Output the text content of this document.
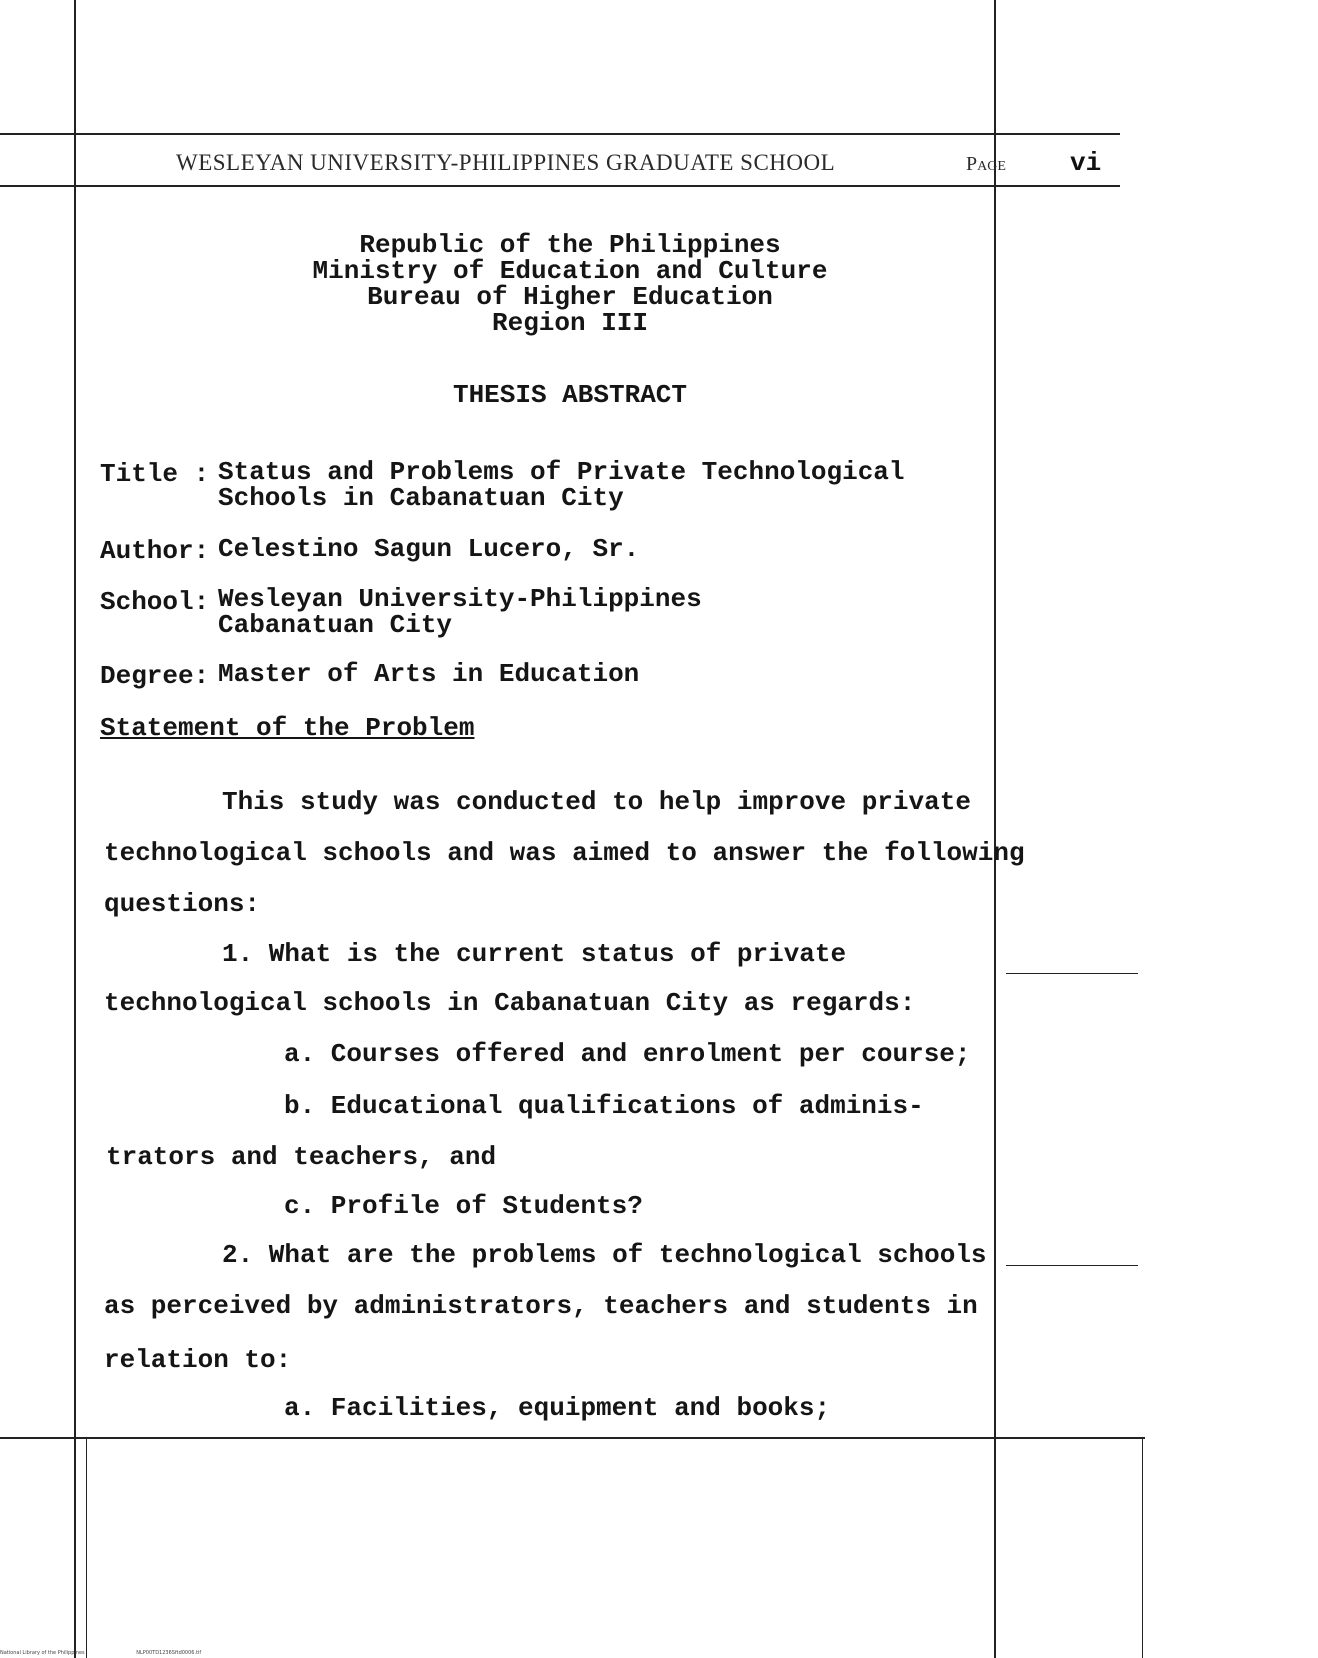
WESLEYAN UNIVERSITY-PHILIPPINES GRADUATE SCHOOL	Page vi
Republic of the Philippines
Ministry of Education and Culture
Bureau of Higher Education
Region III
THESIS ABSTRACT
Title : Status and Problems of Private Technological
Schools in Cabanatuan City
Author: Celestino Sagun Lucero, Sr.
School: Wesleyan University-Philippines
Cabanatuan City
Degree: Master of Arts in Education
Statement of the Problem
This study was conducted to help improve private
technological schools and was aimed to answer the following
questions:
1. What is the current status of private
technological schools in Cabanatuan City as regards:
a. Courses offered and enrolment per course;
b. Educational qualifications of adminis-
trators and teachers, and
c. Profile of Students?
2. What are the problems of technological schools
as perceived by administrators, teachers and students in
relation to:
a. Facilities, equipment and books;
National Library of the Philippines	NLP00TD1236Sftd0006.tif
